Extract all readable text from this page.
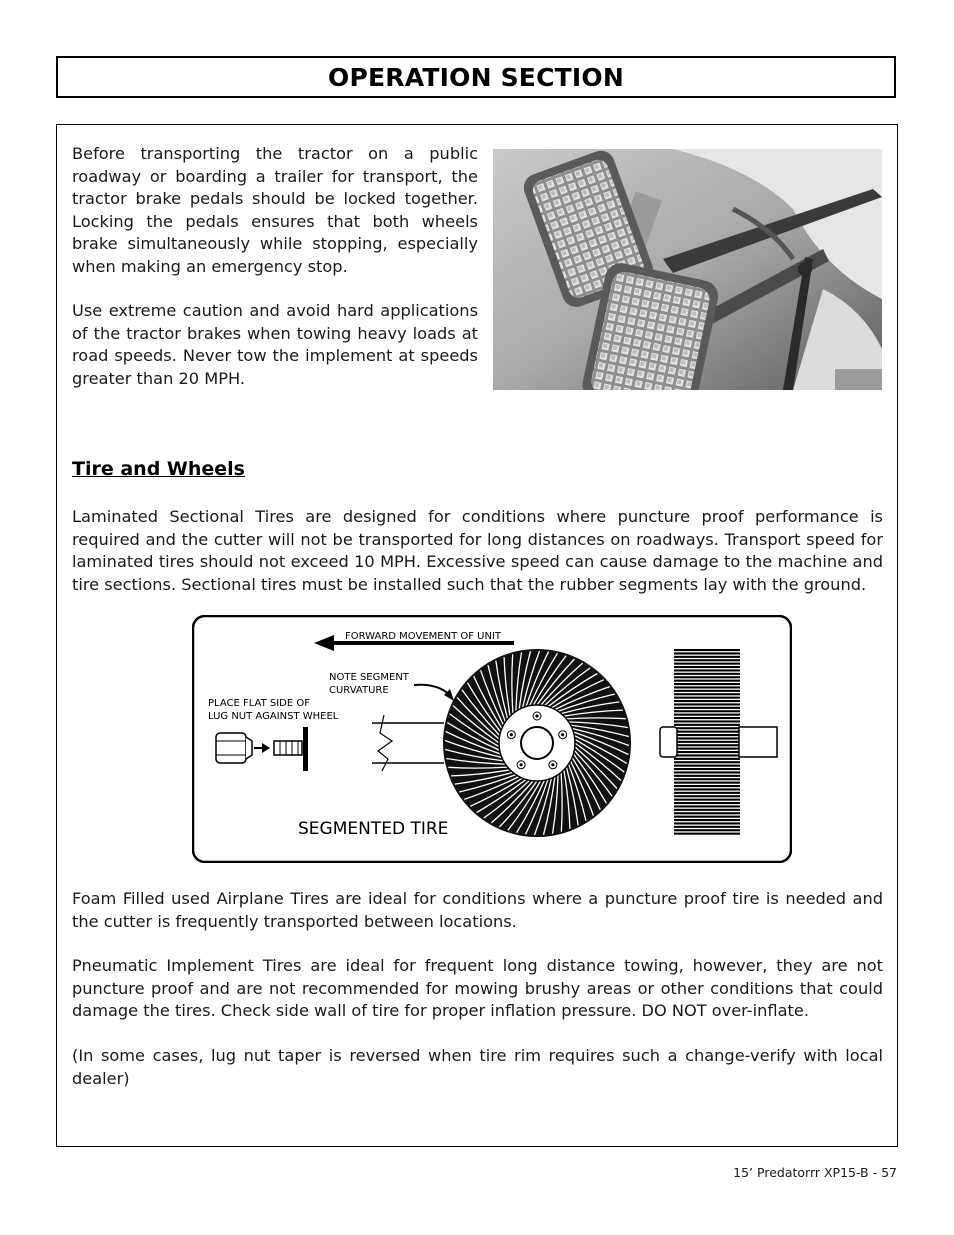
OPERATION SECTION

Before transporting the tractor on a public roadway or boarding a trailer for transport, the tractor brake pedals should be locked together. Locking the pedals ensures that both wheels brake simultaneously while stopping, especially when making an emergency stop.

Use extreme caution and avoid hard applications of the tractor brakes when towing heavy loads at road speeds. Never tow the implement at speeds greater than 20 MPH.

Tire and Wheels

Laminated Sectional Tires are designed for conditions where puncture proof performance is required and the cutter will not be transported for long distances on roadways. Transport speed for laminated tires should not exceed 10 MPH. Excessive speed can cause damage to the machine and tire sections. Sectional tires must be installed such that the rubber segments lay with the ground.

FORWARD MOVEMENT OF UNIT
NOTE SEGMENT
CURVATURE
PLACE FLAT SIDE OF
LUG NUT AGAINST WHEEL
SEGMENTED TIRE

Foam Filled used Airplane Tires are ideal for conditions where a puncture proof tire is needed and the cutter is frequently transported between locations.

Pneumatic Implement Tires are ideal for frequent long distance towing, however, they are not puncture proof and are not recommended for mowing brushy areas or other conditions that could damage the tires. Check side wall of tire for proper inflation pressure. DO NOT over-inflate.

(In some cases, lug nut taper is reversed when tire rim requires such a change-verify with local dealer)

15’ Predatorrr XP15-B - 57
